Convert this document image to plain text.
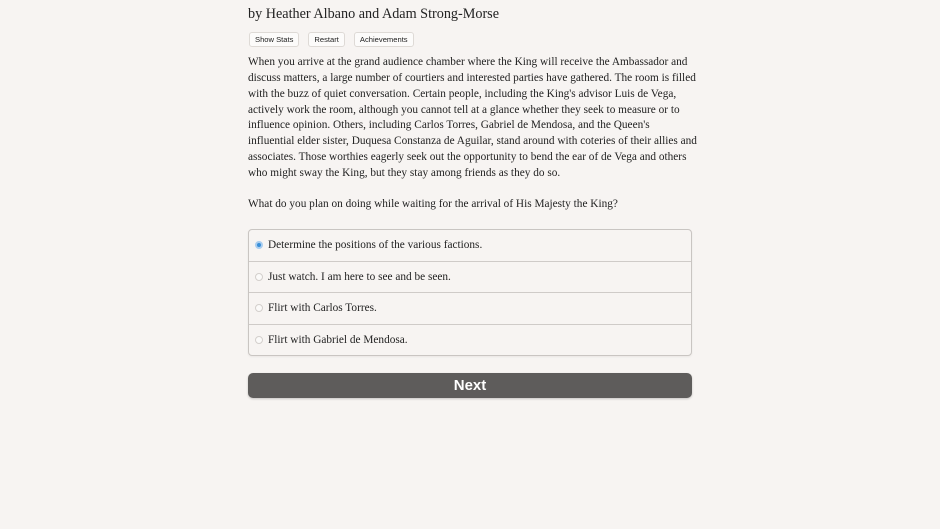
by Heather Albano and Adam Strong-Morse
Show Stats	Restart	Achievements

When you arrive at the grand audience chamber where the King will receive the Ambassador and discuss matters, a large number of courtiers and interested parties have gathered. The room is filled with the buzz of quiet conversation. Certain people, including the King's advisor Luis de Vega, actively work the room, although you cannot tell at a glance whether they seek to measure or to influence opinion. Others, including Carlos Torres, Gabriel de Mendosa, and the Queen's influential elder sister, Duquesa Constanza de Aguilar, stand around with coteries of their allies and associates. Those worthies eagerly seek out the opportunity to bend the ear of de Vega and others who might sway the King, but they stay among friends as they do so.

What do you plan on doing while waiting for the arrival of His Majesty the King?
Determine the positions of the various factions.
Just watch. I am here to see and be seen.
Flirt with Carlos Torres.
Flirt with Gabriel de Mendosa.
Next
